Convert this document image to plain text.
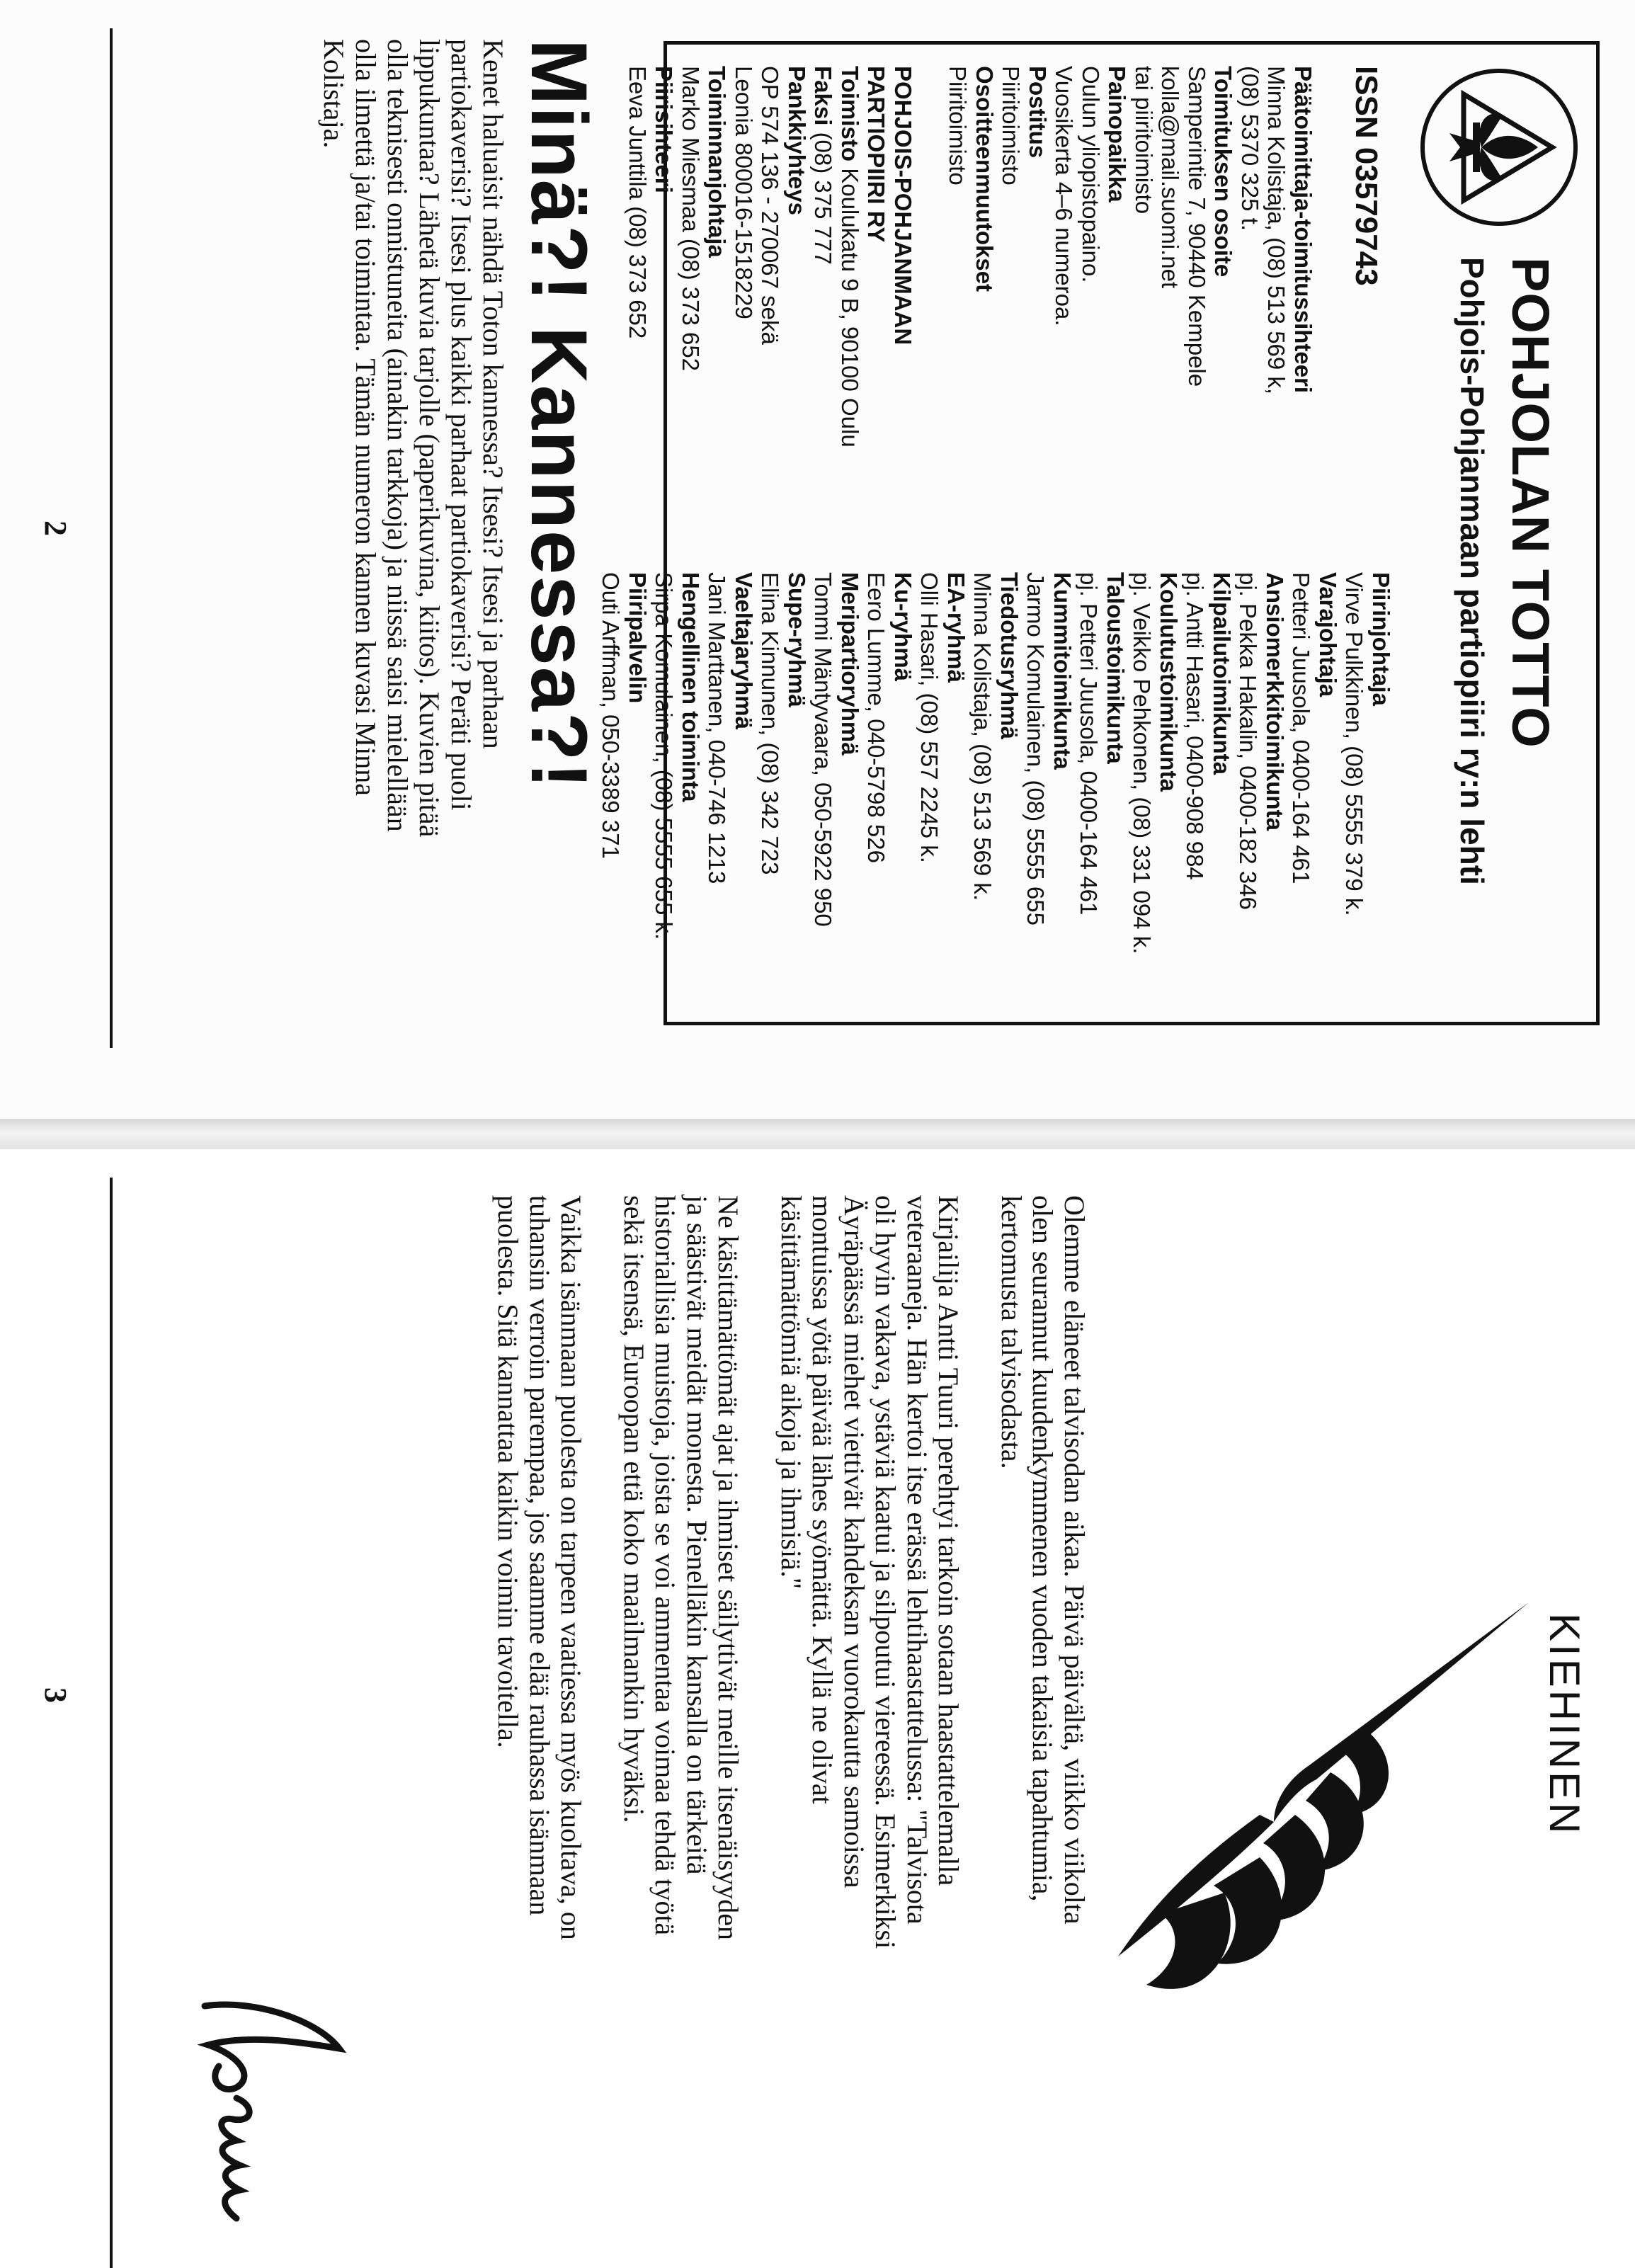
POHJOLAN TOTTO
Pohjois-Pohjanmaan partiopiiri ry:n lehti
ISSN 03579743
Päätoimittaja-toimitussihteeri
Minna Kolistaja, (08) 513 569 k,
(08) 5370 325 t.
Toimituksen osoite
Samperintie 7, 90440 Kempele
kolla@mail.suomi.net
tai piiritoimisto
Painopaikka
Oulun yliopistopaino.
Vuosikerta 4–6 numeroa.
Postitus
Piiritoimisto
Osoitteenmuutokset
Piiritoimisto
POHJOIS-POHJANMAAN
PARTIOPIIRI RY
Toimisto Koulukatu 9 B, 90100 Oulu
Faksi (08) 375 777
Pankkiyhteys
OP 574 136 - 270067 sekä
Leonia 800016-1518229
Toiminnanjohtaja
Marko Miesmaa (08) 373 652
Piirisihteeri
Eeva Junttila (08) 373 652
Piirinjohtaja
Virve Pulkkinen, (08) 5555 379 k.
Varajohtaja
Petteri Juusola, 0400-164 461
Ansiomerkkitoimikunta
pj. Pekka Hakalin, 0400-182 346
Kilpailutoimikunta
pj. Antti Hasari, 0400-908 984
Koulutustoimikunta
pj. Veikko Pehkonen, (08) 331 094 k.
Taloustoimikunta
pj. Petteri Juusola, 0400-164 461
Kummitoimikunta
Jarmo Komulainen, (08) 5555 655
Tiedotusryhmä
Minna Kolistaja, (08) 513 569 k.
EA-ryhmä
Olli Hasari, (08) 557 2245 k.
Ku-ryhmä
Eero Lumme, 040-5798 526
Meripartioryhmä
Tommi Mäntyvaara, 050-5922 950
Supe-ryhmä
Elina Kinnunen, (08) 342 723
Vaeltajaryhmä
Jani Marttanen, 040-746 1213
Hengellinen toiminta
Sirpa Komulainen, (08) 5555 655 k.
Piiripalvelin
Outi Arffman, 050-3389 371
Minä?! Kannessa?!
Kenet haluaisit nähdä Toton kannessa? Itsesi? Itsesi ja parhaan
partiokaverisi? Itsesi plus kaikki parhaat partiokaverisi? Peräti puoli
lippukuntaa? Lähetä kuvia tarjolle (paperikuvina, kiitos). Kuvien pitää
olla teknisesti onnistuneita (ainakin tarkkoja) ja niissä saisi mielellään
olla ilmettä ja/tai toimintaa. Tämän numeron kannen kuvasi Minna
Kolistaja.
2
KIEHINEN
Olemme eläneet talvisodan aikaa. Päivä päivältä, viikko viikolta
olen seurannut kuudenkymmenen vuoden takaisia tapahtumia,
kertomusta talvisodasta.
Kirjailija Antti Tuuri perehtyi tarkoin sotaan haastattelemalla
veteraaneja. Hän kertoi itse erässä lehtihaastattelussa: "Talvisota
oli hyvin vakava, ystäviä kaatui ja silpoutui viereessä. Esimerkiksi
Äyräpäässä miehet viettivät kahdeksan vuorokautta samoissa
montuissa yötä päivää lähes syömättä. Kyllä ne olivat
käsittämättömiä aikoja ja ihmisiä."
Ne käsittämättömät ajat ja ihmiset säilyttivät meille itsenäisyyden
ja säästivät meidät monesta. Pienelläkin kansalla on tärkeitä
historiallisia muistoja, joista se voi ammentaa voimaa tehdä työtä
sekä itsensä, Euroopan että koko maailmankin hyväksi.
Vaikka isänmaan puolesta on tarpeen vaatiessa myös kuoltava, on
tuhansin verroin parempaa, jos saamme elää rauhassa isänmaan
puolesta. Sitä kannattaa kaikin voimin tavoitella.
3
